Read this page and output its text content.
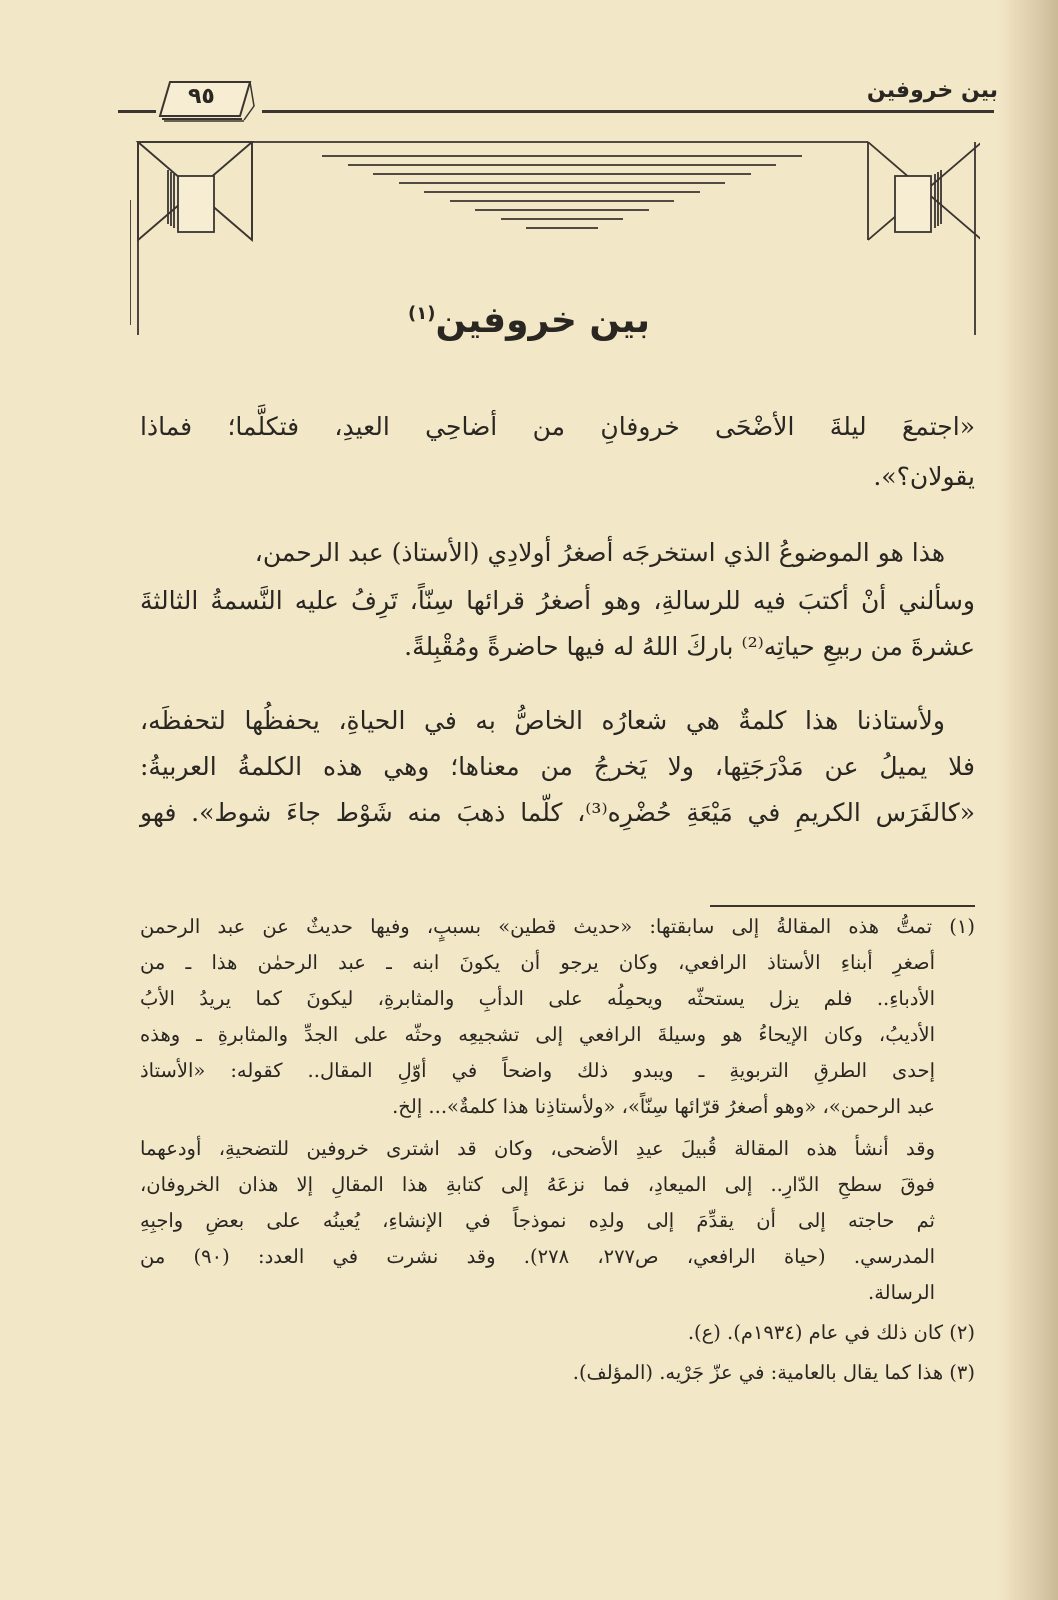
بين خروفين
٩٥
بين خروفين$^{(١)}$
«اجتمعَ ليلةَ الأضْحَى خروفانِ من أضاحِي العيدِ، فتكلَّما؛ فماذا
يقولان؟».
هذا هو الموضوعُ الذي استخرجَه أصغرُ أولادِي (الأستاذ) عبد الرحمن،
وسألني أنْ أكتبَ فيه للرسالةِ، وهو أصغرُ قرائها سِنّاً، تَرِفُ عليه النَّسمةُ الثالثةَ
عشرةَ من ربيعِ حياتِه⁽²⁾ باركَ اللهُ له فيها حاضرةً ومُقْبِلةً.
ولأستاذنا هذا كلمةٌ هي شعارُه الخاصُّ به في الحياةِ، يحفظُها لتحفظَه،
فلا يميلُ عن مَدْرَجَتِها، ولا يَخرجُ من معناها؛ وهي هذه الكلمةُ العربيةُ:
«كالفَرَس الكريمِ في مَيْعَةِ حُضْرِه⁽³⁾، كلّما ذهبَ منه شَوْط جاءَ شوط». فهو
(١) تمتُّ هذه المقالةُ إلى سابقتها: «حديث قطين» بسببٍ، وفيها حديثٌ عن عبد الرحمن
أصغرِ أبناءِ الأستاذ الرافعي، وكان يرجو أن يكونَ ابنه ـ عبد الرحمٰن هذا ـ من
الأدباءِ.. فلم يزل يستحثّه ويحمِلُه على الدأبِ والمثابرةِ، ليكونَ كما يريدُ الأبُ
الأديبُ، وكان الإيحاءُ هو وسيلةَ الرافعي إلى تشجيعِه وحثّه على الجدِّ والمثابرةِ ـ وهذه
إحدى الطرقِ التربويةِ ـ ويبدو ذلك واضحاً في أوّلِ المقال.. كقوله: «الأستاذ
عبد الرحمن»، «وهو أصغرُ قرّائها سِنّاً»، «ولأستاذِنا هذا كلمةٌ»... إلخ.
وقد أنشأ هذه المقالة قُبيلَ عيدِ الأضحى، وكان قد اشترى خروفين للتضحيةِ، أودعهما
فوقَ سطحِ الدّارِ.. إلى الميعادِ، فما نزعَهُ إلى كتابةِ هذا المقالِ إلا هذان الخروفان،
ثم حاجته إلى أن يقدِّمَ إلى ولدِه نموذجاً في الإنشاءِ، يُعينُه على بعضِ واجبِهِ
المدرسي. (حياة الرافعي، ص٢٧٧، ٢٧٨). وقد نشرت في العدد: (٩٠) من
الرسالة.
(٢) كان ذلك في عام (١٩٣٤م). (ع).
(٣) هذا كما يقال بالعامية: في عزّ جَرْيه. (المؤلف).
